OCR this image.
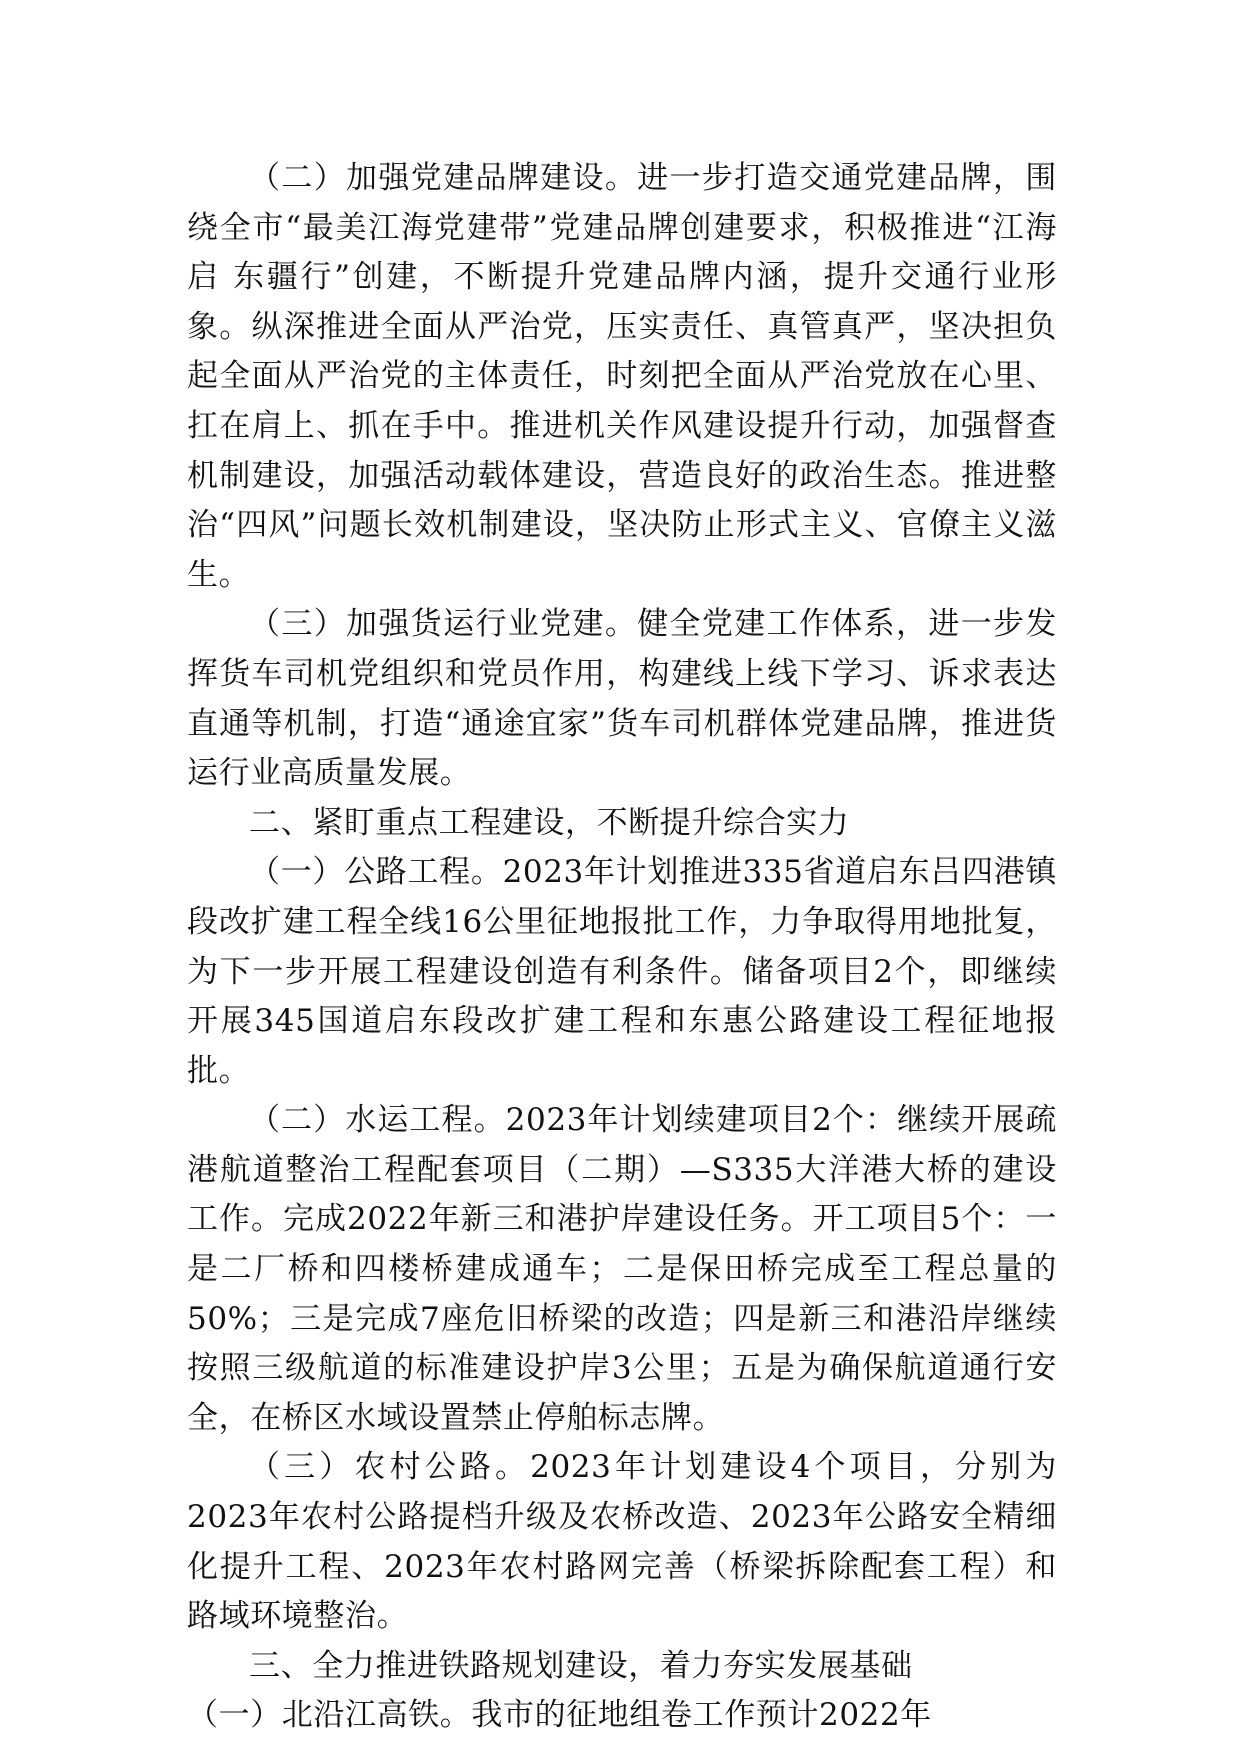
（二）加强党建品牌建设。进一步打造交通党建品牌，围绕全市“最美江海党建带”党建品牌创建要求，积极推进“江海启 东疆行”创建，不断提升党建品牌内涵，提升交通行业形象。纵深推进全面从严治党，压实责任、真管真严，坚决担负起全面从严治党的主体责任，时刻把全面从严治党放在心里、扛在肩上、抓在手中。推进机关作风建设提升行动，加强督查机制建设，加强活动载体建设，营造良好的政治生态。推进整治“四风”问题长效机制建设，坚决防止形式主义、官僚主义滋生。

（三）加强货运行业党建。健全党建工作体系，进一步发挥货车司机党组织和党员作用，构建线上线下学习、诉求表达直通等机制，打造“通途宜家”货车司机群体党建品牌，推进货运行业高质量发展。

二、紧盯重点工程建设，不断提升综合实力

（一）公路工程。2023年计划推进335省道启东吕四港镇段改扩建工程全线16公里征地报批工作，力争取得用地批复，为下一步开展工程建设创造有利条件。储备项目2个，即继续开展345国道启东段改扩建工程和东惠公路建设工程征地报批。

（二）水运工程。2023年计划续建项目2个：继续开展疏港航道整治工程配套项目（二期）—S335大洋港大桥的建设工作。完成2022年新三和港护岸建设任务。开工项目5个：一是二厂桥和四楼桥建成通车；二是保田桥完成至工程总量的50%；三是完成7座危旧桥梁的改造；四是新三和港沿岸继续按照三级航道的标准建设护岸3公里；五是为确保航道通行安全，在桥区水域设置禁止停舶标志牌。

（三）农村公路。2023年计划建设4个项目，分别为2023年农村公路提档升级及农桥改造、2023年公路安全精细化提升工程、2023年农村路网完善（桥梁拆除配套工程）和路域环境整治。

三、全力推进铁路规划建设，着力夯实发展基础

（一）北沿江高铁。我市的征地组卷工作预计2022年
